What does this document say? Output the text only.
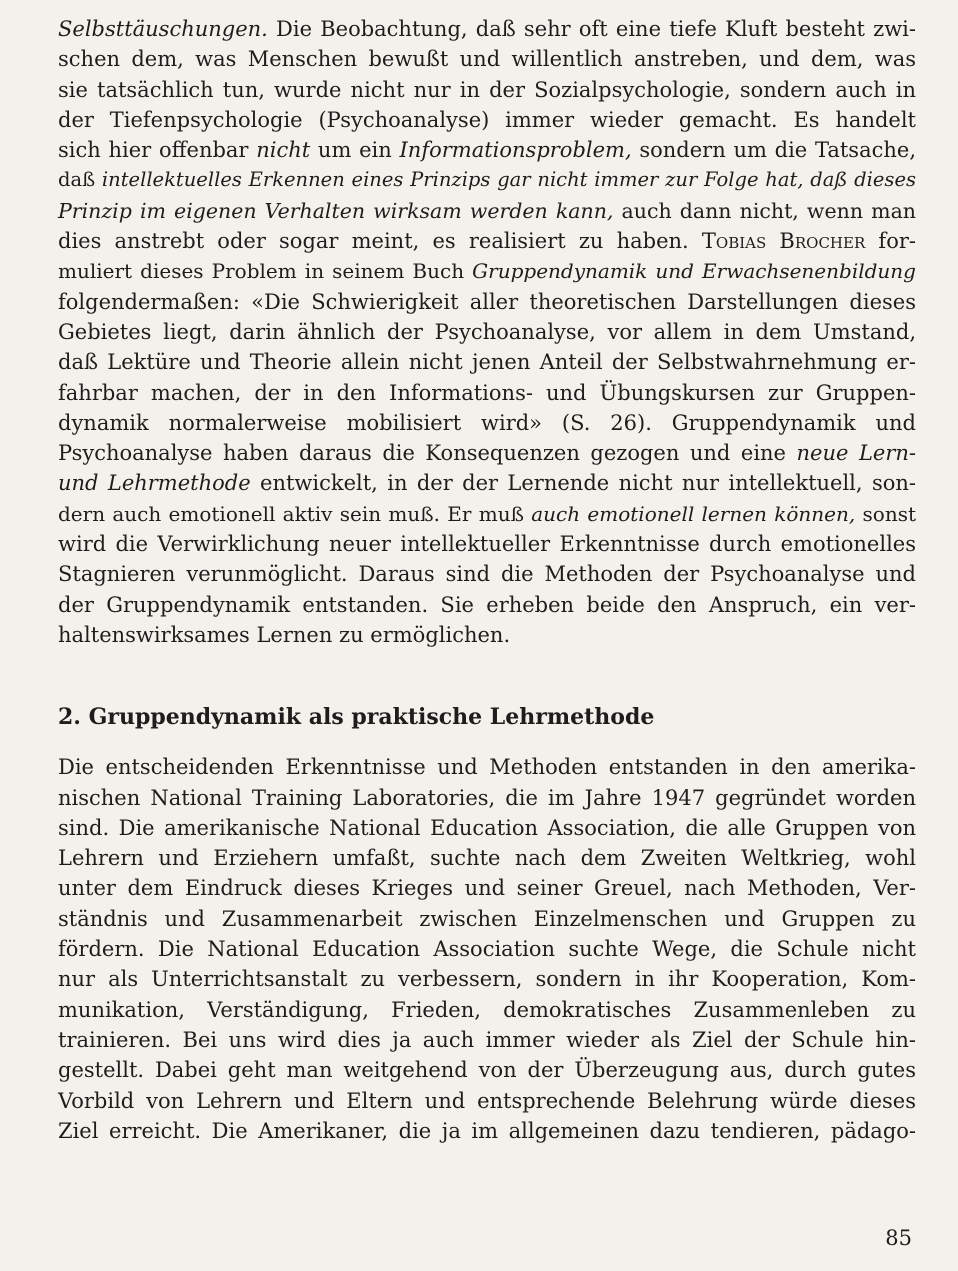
Selbsttäuschungen. Die Beobachtung, daß sehr oft eine tiefe Kluft besteht zwi-
schen dem, was Menschen bewußt und willentlich anstreben, und dem, was
sie tatsächlich tun, wurde nicht nur in der Sozialpsychologie, sondern auch in
der Tiefenpsychologie (Psychoanalyse) immer wieder gemacht. Es handelt
sich hier offenbar nicht um ein Informationsproblem, sondern um die Tatsache,
daß intellektuelles Erkennen eines Prinzips gar nicht immer zur Folge hat, daß dieses
Prinzip im eigenen Verhalten wirksam werden kann, auch dann nicht, wenn man
dies anstrebt oder sogar meint, es realisiert zu haben. Tobias Brocher for-
muliert dieses Problem in seinem Buch Gruppendynamik und Erwachsenenbildung
folgendermaßen: «Die Schwierigkeit aller theoretischen Darstellungen dieses
Gebietes liegt, darin ähnlich der Psychoanalyse, vor allem in dem Umstand,
daß Lektüre und Theorie allein nicht jenen Anteil der Selbstwahrnehmung er-
fahrbar machen, der in den Informations- und Übungskursen zur Gruppen-
dynamik normalerweise mobilisiert wird» (S. 26). Gruppendynamik und
Psychoanalyse haben daraus die Konsequenzen gezogen und eine neue Lern-
und Lehrmethode entwickelt, in der der Lernende nicht nur intellektuell, son-
dern auch emotionell aktiv sein muß. Er muß auch emotionell lernen können, sonst
wird die Verwirklichung neuer intellektueller Erkenntnisse durch emotionelles
Stagnieren verunmöglicht. Daraus sind die Methoden der Psychoanalyse und
der Gruppendynamik entstanden. Sie erheben beide den Anspruch, ein ver-
haltenswirksames Lernen zu ermöglichen.

2. Gruppendynamik als praktische Lehrmethode

Die entscheidenden Erkenntnisse und Methoden entstanden in den amerika-
nischen National Training Laboratories, die im Jahre 1947 gegründet worden
sind. Die amerikanische National Education Association, die alle Gruppen von
Lehrern und Erziehern umfaßt, suchte nach dem Zweiten Weltkrieg, wohl
unter dem Eindruck dieses Krieges und seiner Greuel, nach Methoden, Ver-
ständnis und Zusammenarbeit zwischen Einzelmenschen und Gruppen zu
fördern. Die National Education Association suchte Wege, die Schule nicht
nur als Unterrichtsanstalt zu verbessern, sondern in ihr Kooperation, Kom-
munikation, Verständigung, Frieden, demokratisches Zusammenleben zu
trainieren. Bei uns wird dies ja auch immer wieder als Ziel der Schule hin-
gestellt. Dabei geht man weitgehend von der Überzeugung aus, durch gutes
Vorbild von Lehrern und Eltern und entsprechende Belehrung würde dieses
Ziel erreicht. Die Amerikaner, die ja im allgemeinen dazu tendieren, pädago-

85
